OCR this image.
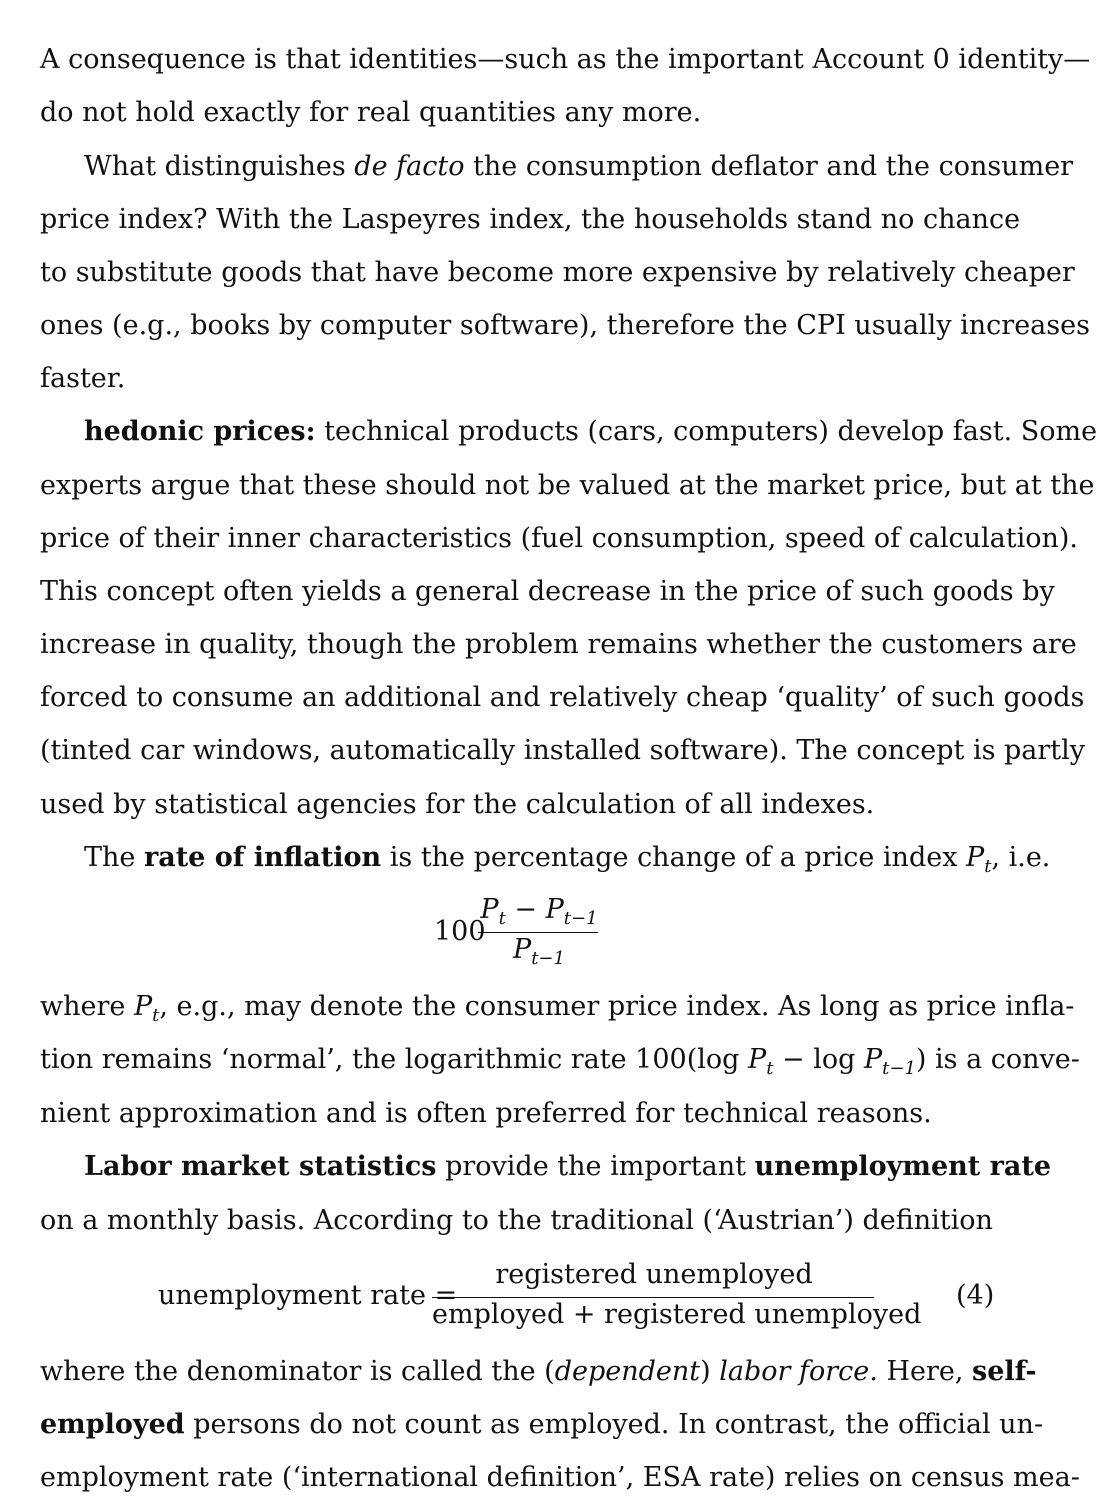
A consequence is that identities—such as the important Account 0 identity—
do not hold exactly for real quantities any more.
What distinguishes de facto the consumption deflator and the consumer
price index? With the Laspeyres index, the households stand no chance
to substitute goods that have become more expensive by relatively cheaper
ones (e.g., books by computer software), therefore the CPI usually increases
faster.
hedonic prices: technical products (cars, computers) develop fast. Some
experts argue that these should not be valued at the market price, but at the
price of their inner characteristics (fuel consumption, speed of calculation).
This concept often yields a general decrease in the price of such goods by
increase in quality, though the problem remains whether the customers are
forced to consume an additional and relatively cheap ‘quality’ of such goods
(tinted car windows, automatically installed software). The concept is partly
used by statistical agencies for the calculation of all indexes.
The rate of inflation is the percentage change of a price index $P_t$, i.e.
100
$P_t - P_{t-1}$
$P_{t-1}$
where $P_t$, e.g., may denote the consumer price index. As long as price infla-
tion remains ‘normal’, the logarithmic rate 100(log $P_t - \log P_{t-1}$) is a conve-
nient approximation and is often preferred for technical reasons.
Labor market statistics provide the important unemployment rate
on a monthly basis. According to the traditional (‘Austrian’) definition
unemployment rate =
registered unemployed
employed + registered unemployed
(4)
where the denominator is called the (dependent) labor force. Here, self-
employed persons do not count as employed. In contrast, the official un-
employment rate (‘international definition’, ESA rate) relies on census mea-
